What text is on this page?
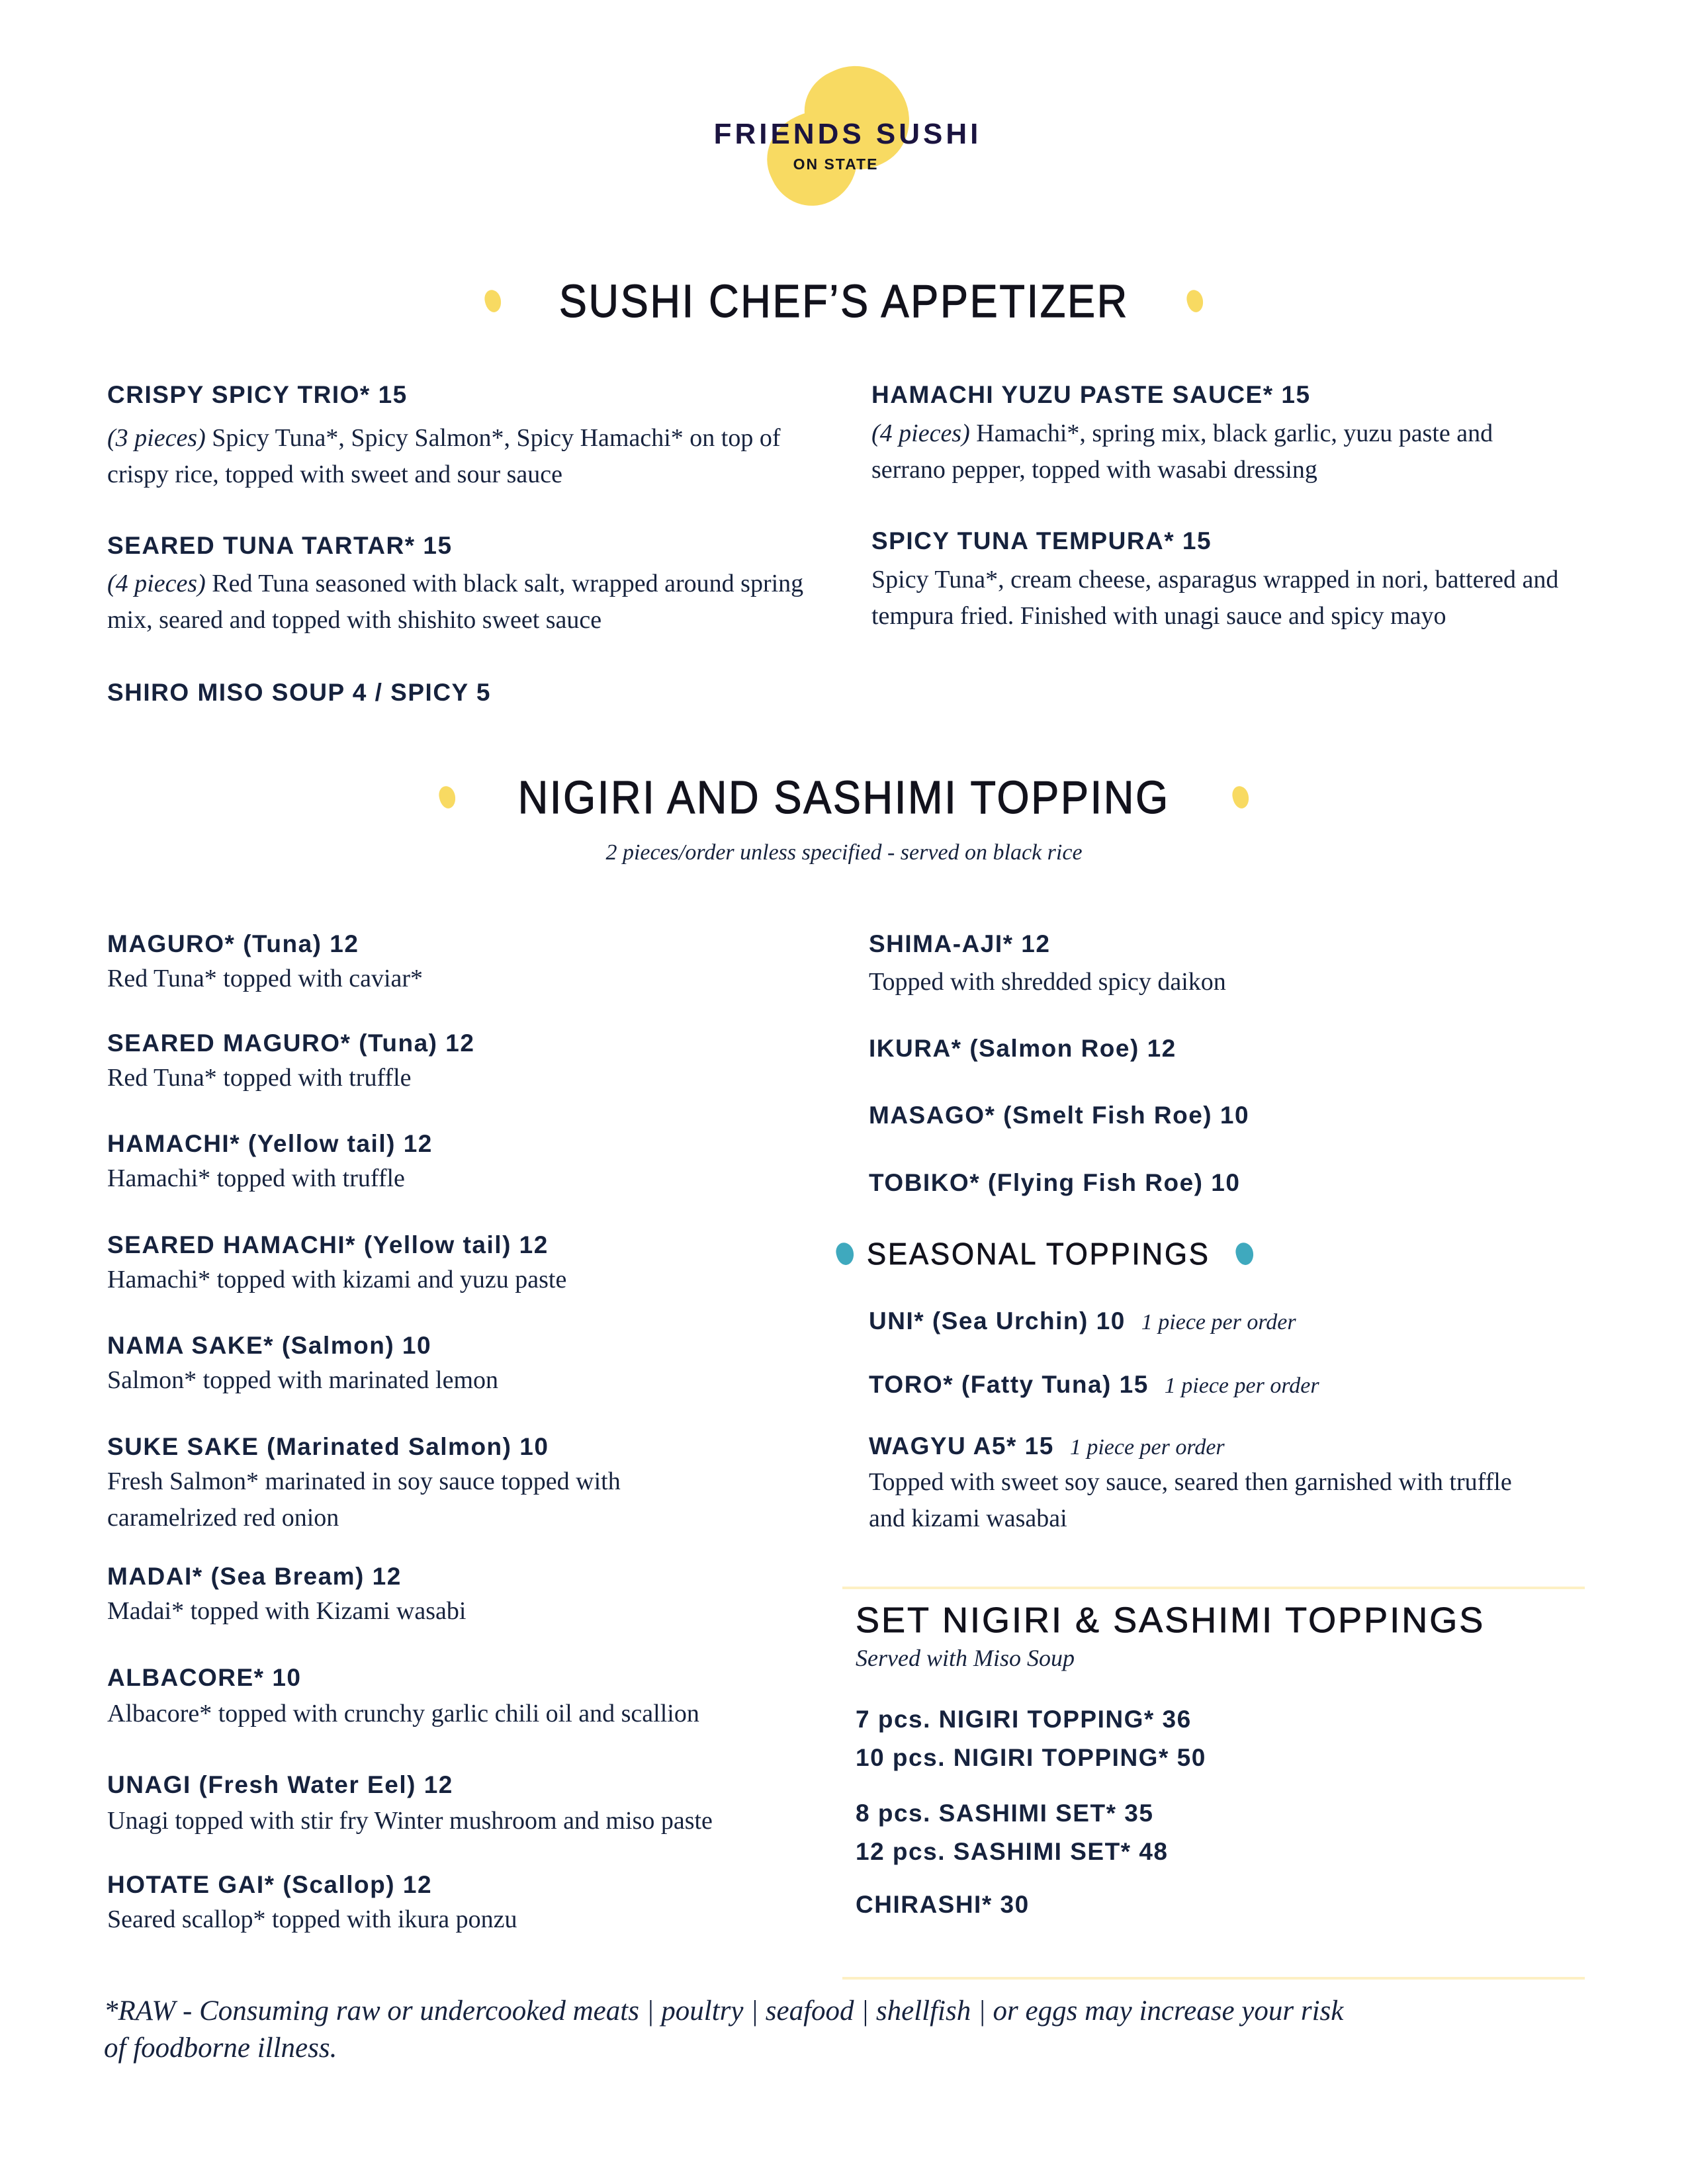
FRIENDS SUSHI
ON STATE
SUSHI CHEF’S APPETIZER
CRISPY SPICY TRIO* 15
(3 pieces) Spicy Tuna*, Spicy Salmon*, Spicy Hamachi* on top of crispy rice, topped with sweet and sour sauce
SEARED TUNA TARTAR* 15
(4 pieces) Red Tuna seasoned with black salt, wrapped around spring mix, seared and topped with shishito sweet sauce
SHIRO MISO SOUP 4 / SPICY 5
HAMACHI YUZU PASTE SAUCE* 15
(4 pieces) Hamachi*, spring mix, black garlic, yuzu paste and serrano pepper, topped with wasabi dressing
SPICY TUNA TEMPURA* 15
Spicy Tuna*, cream cheese, asparagus wrapped in nori, battered and tempura fried. Finished with unagi sauce and spicy mayo
NIGIRI AND SASHIMI TOPPING
2 pieces/order unless specified - served on black rice
MAGURO* (Tuna) 12
Red Tuna* topped with caviar*
SEARED MAGURO* (Tuna) 12
Red Tuna* topped with truffle
HAMACHI* (Yellow tail) 12
Hamachi* topped with truffle
SEARED HAMACHI* (Yellow tail) 12
Hamachi* topped with kizami and yuzu paste
NAMA SAKE* (Salmon) 10
Salmon* topped with marinated lemon
SUKE SAKE (Marinated Salmon) 10
Fresh Salmon* marinated in soy sauce topped with caramelrized red onion
MADAI* (Sea Bream) 12
Madai* topped with Kizami wasabi
ALBACORE* 10
Albacore* topped with crunchy garlic chili oil and scallion
UNAGI (Fresh Water Eel) 12
Unagi topped with stir fry Winter mushroom and miso paste
HOTATE GAI* (Scallop) 12
Seared scallop* topped with ikura ponzu
SHIMA-AJI* 12
Topped with shredded spicy daikon
IKURA* (Salmon Roe) 12
MASAGO* (Smelt Fish Roe) 10
TOBIKO* (Flying Fish Roe) 10
SEASONAL TOPPINGS
UNI* (Sea Urchin) 10 1 piece per order
TORO* (Fatty Tuna) 15 1 piece per order
WAGYU A5* 15 1 piece per order
Topped with sweet soy sauce, seared then garnished with truffle and kizami wasabai
SET NIGIRI & SASHIMI TOPPINGS
Served with Miso Soup
7 pcs. NIGIRI TOPPING* 36
10 pcs. NIGIRI TOPPING* 50
8 pcs. SASHIMI SET* 35
12 pcs. SASHIMI SET* 48
CHIRASHI* 30
*RAW - Consuming raw or undercooked meats | poultry | seafood | shellfish | or eggs may increase your risk of foodborne illness.
